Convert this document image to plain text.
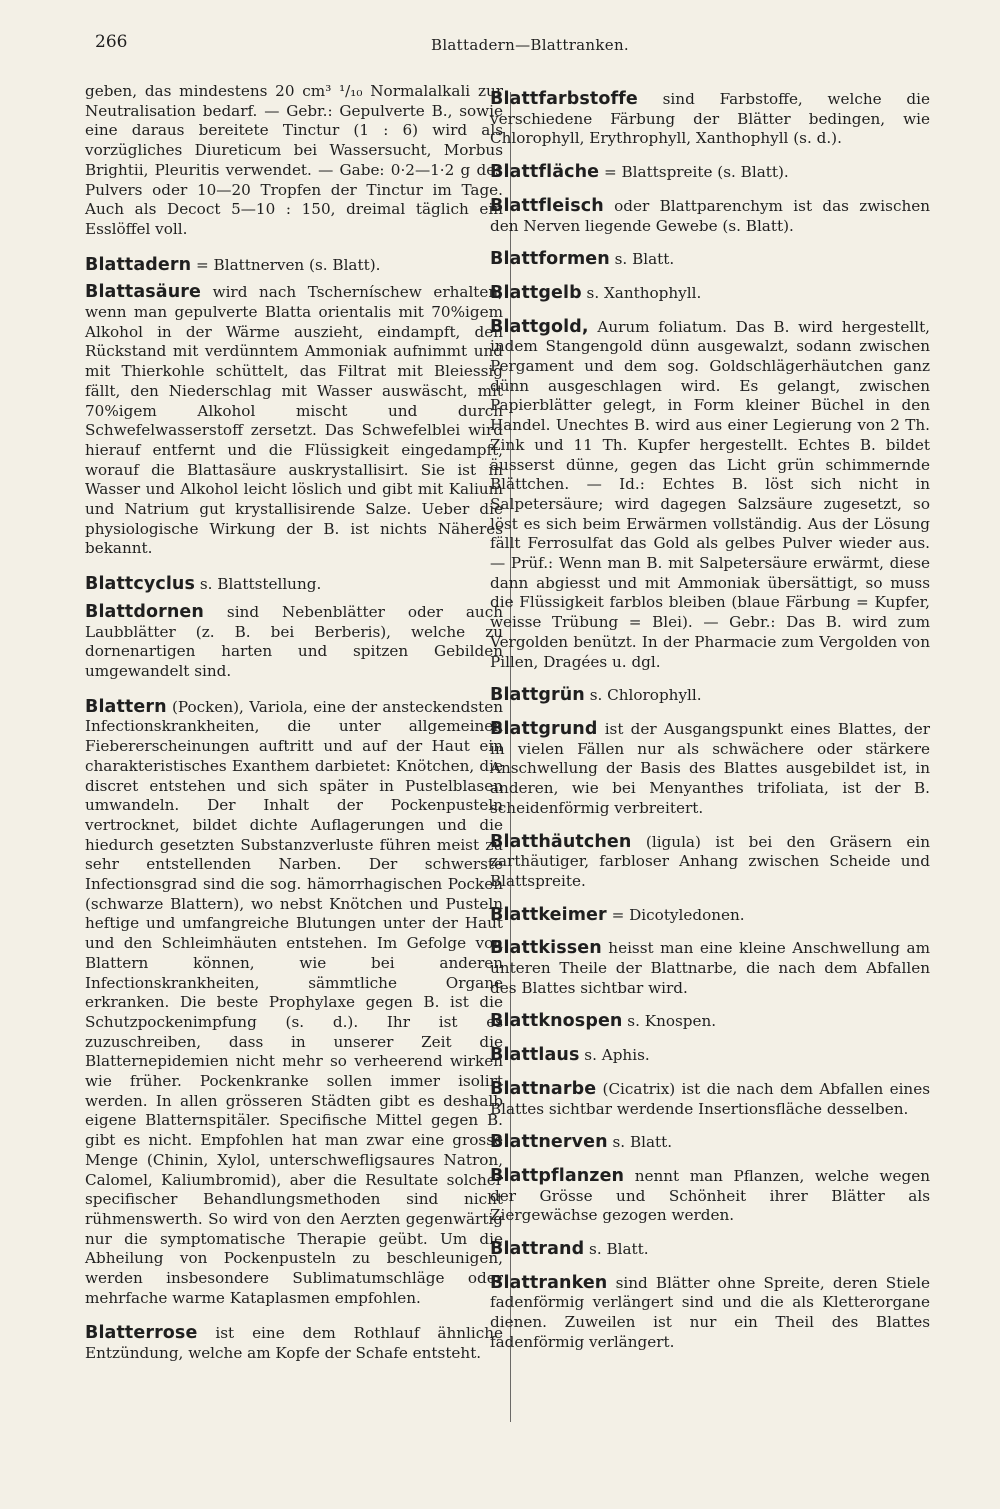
266	Blattadern—Blattranken.

geben, das mindestens 20 cm³ ¹/₁₀ Normalalkali zur Neutralisation bedarf. — Gebr.: Gepulverte B., sowie eine daraus bereitete Tinctur (1 : 6) wird als vorzügliches Diureticum bei Wassersucht, Morbus Brightii, Pleuritis verwendet. — Gabe: 0·2—1·2 g des Pulvers oder 10—20 Tropfen der Tinctur im Tage. Auch als Decoct 5—10 : 150, dreimal täglich ein Esslöffel voll.

Blattadern = Blattnerven (s. Blatt).
Blattasäure wird nach Tscherníschew erhalten, wenn man gepulverte Blatta orientalis mit 70%igem Alkohol in der Wärme auszieht, eindampft, den Rückstand mit verdünntem Ammoniak aufnimmt und mit Thierkohle schüttelt, das Filtrat mit Bleiessig fällt, den Niederschlag mit Wasser auswäscht, mit 70%igem Alkohol mischt und durch Schwefelwasserstoff zersetzt. Das Schwefelblei wird hierauf entfernt und die Flüssigkeit eingedampft, worauf die Blattasäure auskrystallisirt. Sie ist in Wasser und Alkohol leicht löslich und gibt mit Kalium und Natrium gut krystallisirende Salze. Ueber die physiologische Wirkung der B. ist nichts Näheres bekannt.
Blattcyclus s. Blattstellung.
Blattdornen sind Nebenblätter oder auch Laubblätter (z. B. bei Berberis), welche zu dornenartigen harten und spitzen Gebilden umgewandelt sind.
Blattern (Pocken), Variola, eine der ansteckendsten Infectionskrankheiten, die unter allgemeinen Fiebererscheinungen auftritt und auf der Haut ein charakteristisches Exanthem darbietet: Knötchen, die discret entstehen und sich später in Pustelblasen umwandeln. Der Inhalt der Pockenpusteln vertrocknet, bildet dichte Auflagerungen und die hiedurch gesetzten Substanzverluste führen meist zu sehr entstellenden Narben. Der schwerste Infectionsgrad sind die sog. hämorrhagischen Pocken (schwarze Blattern), wo nebst Knötchen und Pusteln heftige und umfangreiche Blutungen unter der Haut und den Schleimhäuten entstehen. Im Gefolge von Blattern können, wie bei anderen Infectionskrankheiten, sämmtliche Organe erkranken. Die beste Prophylaxe gegen B. ist die Schutzpockenimpfung (s. d.). Ihr ist es zuzuschreiben, dass in unserer Zeit die Blatternepidemien nicht mehr so verheerend wirken wie früher. Pockenkranke sollen immer isolirt werden. In allen grösseren Städten gibt es deshalb eigene Blatternspitäler. Specifische Mittel gegen B. gibt es nicht. Empfohlen hat man zwar eine grosse Menge (Chinin, Xylol, unterschwefligsaures Natron, Calomel, Kaliumbromid), aber die Resultate solcher specifischer Behandlungsmethoden sind nicht rühmenswerth. So wird von den Aerzten gegenwärtig nur die symptomatische Therapie geübt. Um die Abheilung von Pockenpusteln zu beschleunigen, werden insbesondere Sublimatumschläge oder mehrfache warme Kataplasmen empfohlen.
Blatterrose ist eine dem Rothlauf ähnliche Entzündung, welche am Kopfe der Schafe entsteht.
Blattfarbstoffe sind Farbstoffe, welche die verschiedene Färbung der Blätter bedingen, wie Chlorophyll, Erythrophyll, Xanthophyll (s. d.).
Blattfläche = Blattspreite (s. Blatt).
Blattfleisch oder Blattparenchym ist das zwischen den Nerven liegende Gewebe (s. Blatt).
Blattformen s. Blatt.
Blattgelb s. Xanthophyll.
Blattgold, Aurum foliatum. Das B. wird hergestellt, indem Stangengold dünn ausgewalzt, sodann zwischen Pergament und dem sog. Goldschlägerhäutchen ganz dünn ausgeschlagen wird. Es gelangt, zwischen Papierblätter gelegt, in Form kleiner Büchel in den Handel. Unechtes B. wird aus einer Legierung von 2 Th. Zink und 11 Th. Kupfer hergestellt. Echtes B. bildet äusserst dünne, gegen das Licht grün schimmernde Blättchen. — Id.: Echtes B. löst sich nicht in Salpetersäure; wird dagegen Salzsäure zugesetzt, so löst es sich beim Erwärmen vollständig. Aus der Lösung fällt Ferrosulfat das Gold als gelbes Pulver wieder aus. — Prüf.: Wenn man B. mit Salpetersäure erwärmt, diese dann abgiesst und mit Ammoniak übersättigt, so muss die Flüssigkeit farblos bleiben (blaue Färbung = Kupfer, weisse Trübung = Blei). — Gebr.: Das B. wird zum Vergolden benützt. In der Pharmacie zum Vergolden von Pillen, Dragées u. dgl.
Blattgrün s. Chlorophyll.
Blattgrund ist der Ausgangspunkt eines Blattes, der in vielen Fällen nur als schwächere oder stärkere Anschwellung der Basis des Blattes ausgebildet ist, in anderen, wie bei Menyanthes trifoliata, ist der B. scheidenförmig verbreitert.
Blatthäutchen (ligula) ist bei den Gräsern ein zarthäutiger, farbloser Anhang zwischen Scheide und Blattspreite.
Blattkeimer = Dicotyledonen.
Blattkissen heisst man eine kleine Anschwellung am unteren Theile der Blattnarbe, die nach dem Abfallen des Blattes sichtbar wird.
Blattknospen s. Knospen.
Blattlaus s. Aphis.
Blattnarbe (Cicatrix) ist die nach dem Abfallen eines Blattes sichtbar werdende Insertionsfläche desselben.
Blattnerven s. Blatt.
Blattpflanzen nennt man Pflanzen, welche wegen der Grösse und Schönheit ihrer Blätter als Ziergewächse gezogen werden.
Blattrand s. Blatt.
Blattranken sind Blätter ohne Spreite, deren Stiele fadenförmig verlängert sind und die als Kletterorgane dienen. Zuweilen ist nur ein Theil des Blattes fadenförmig verlängert.
